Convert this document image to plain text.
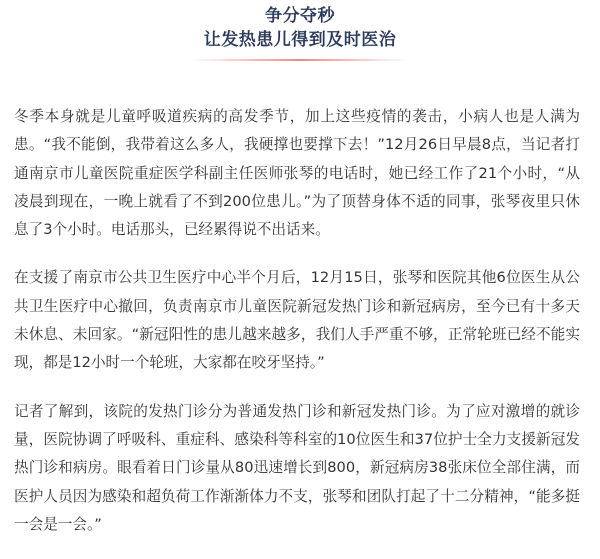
争分夺秒
让发热患儿得到及时医治

冬季本身就是儿童呼吸道疾病的高发季节，加上这些疫情的袭击，小病人也是人满为
患。“我不能倒，我带着这么多人，我硬撑也要撑下去！”12月26日早晨8点，当记者打
通南京市儿童医院重症医学科副主任医师张琴的电话时，她已经工作了21个小时，“从
凌晨到现在，一晚上就看了不到200位患儿。”为了顶替身体不适的同事，张琴夜里只休
息了3个小时。电话那头，已经累得说不出话来。

在支援了南京市公共卫生医疗中心半个月后，12月15日，张琴和医院其他6位医生从公
共卫生医疗中心撤回，负责南京市儿童医院新冠发热门诊和新冠病房，至今已有十多天
未休息、未回家。“新冠阳性的患儿越来越多，我们人手严重不够，正常轮班已经不能实
现，都是12小时一个轮班，大家都在咬牙坚持。”

记者了解到，该院的发热门诊分为普通发热门诊和新冠发热门诊。为了应对激增的就诊
量，医院协调了呼吸科、重症科、感染科等科室的10位医生和37位护士全力支援新冠发
热门诊和病房。眼看着日门诊量从80迅速增长到800，新冠病房38张床位全部住满，而
医护人员因为感染和超负荷工作渐渐体力不支，张琴和团队打起了十二分精神，“能多挺
一会是一会。”
